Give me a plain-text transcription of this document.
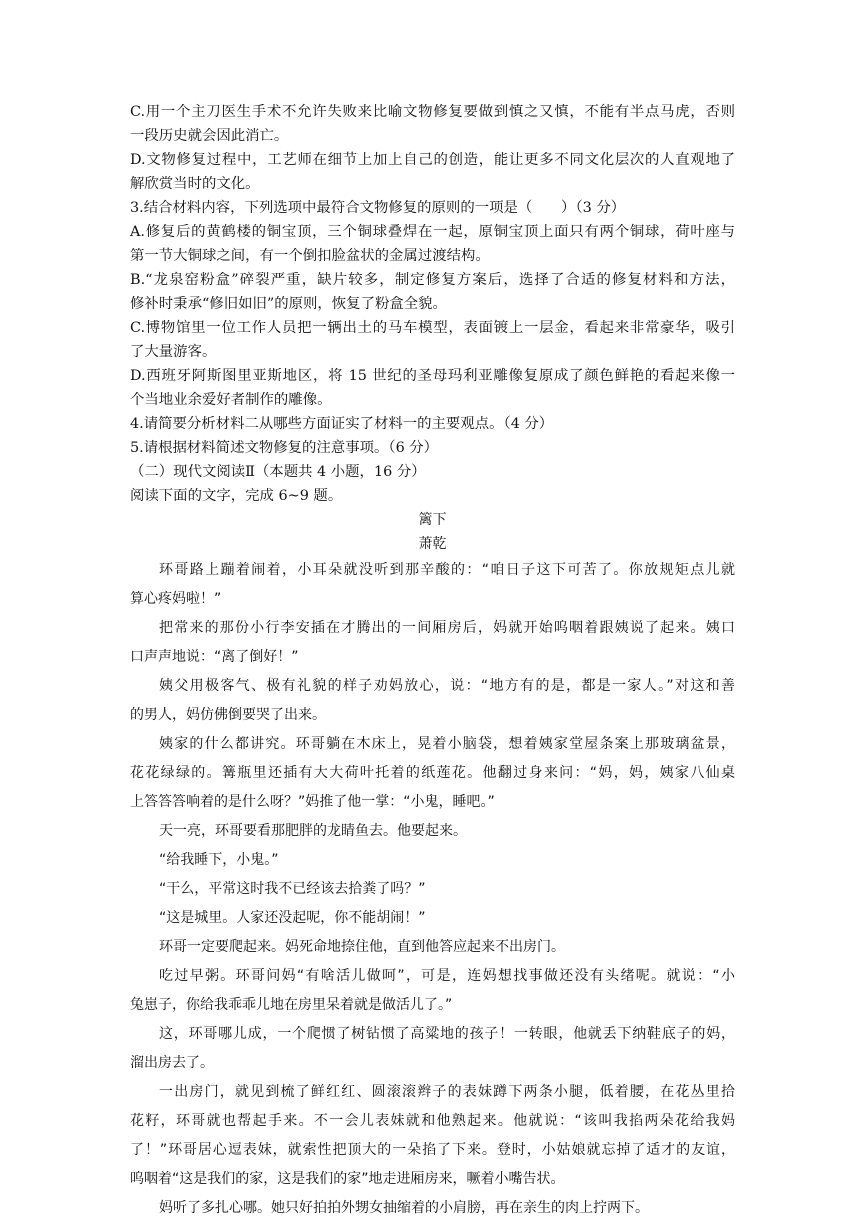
C.用一个主刀医生手术不允许失败来比喻文物修复要做到慎之又慎，不能有半点马虎，否则

一段历史就会因此消亡。

D.文物修复过程中，工艺师在细节上加上自己的创造，能让更多不同文化层次的人直观地了

解欣赏当时的文化。

3.结合材料内容，下列选项中最符合文物修复的原则的一项是（　　）（3 分）

A.修复后的黄鹤楼的铜宝顶，三个铜球叠焊在一起，原铜宝顶上面只有两个铜球，荷叶座与

第一节大铜球之间，有一个倒扣脸盆状的金属过渡结构。

B.“龙泉窑粉盒”碎裂严重，缺片较多，制定修复方案后，选择了合适的修复材料和方法，

修补时秉承“修旧如旧”的原则，恢复了粉盒全貌。

C.博物馆里一位工作人员把一辆出土的马车模型，表面镀上一层金，看起来非常豪华，吸引

了大量游客。

D.西班牙阿斯图里亚斯地区，将 15 世纪的圣母玛利亚雕像复原成了颜色鲜艳的看起来像一

个当地业余爱好者制作的雕像。

4.请简要分析材料二从哪些方面证实了材料一的主要观点。（4 分）

5.请根据材料简述文物修复的注意事项。（6 分）

（二）现代文阅读Ⅱ（本题共 4 小题，16 分）

阅读下面的文字，完成 6~9 题。

篱下

萧乾

环哥路上蹦着闹着，小耳朵就没听到那辛酸的：“咱日子这下可苦了。你放规矩点儿就

算心疼妈啦！”

把常来的那份小行李安插在才腾出的一间厢房后，妈就开始呜咽着跟姨说了起来。姨口

口声声地说：“离了倒好！”

姨父用极客气、极有礼貌的样子劝妈放心，说：“地方有的是，都是一家人。”对这和善

的男人，妈仿佛倒要哭了出来。

姨家的什么都讲究。环哥躺在木床上，晃着小脑袋，想着姨家堂屋条案上那玻璃盆景，

花花绿绿的。篝瓶里还插有大大荷叶托着的纸莲花。他翻过身来问：“妈，妈，姨家八仙桌

上答答答响着的是什么呀？”妈推了他一掌：“小鬼，睡吧。”

天一亮，环哥要看那肥胖的龙睛鱼去。他要起来。

“给我睡下，小鬼。”

“干么，平常这时我不已经该去拾粪了吗？”

“这是城里。人家还没起呢，你不能胡闹！”

环哥一定要爬起来。妈死命地捺住他，直到他答应起来不出房门。

吃过早粥。环哥问妈“有啥活儿做呵”，可是，连妈想找事做还没有头绪呢。就说：“小

兔崽子，你给我乖乖儿地在房里呆着就是做活儿了。”

这，环哥哪儿成，一个爬惯了树钻惯了高粱地的孩子！一转眼，他就丢下纳鞋底子的妈，

溜出房去了。

一出房门，就见到梳了鲜红红、圆滚滚辫子的表妹蹲下两条小腿，低着腰，在花丛里拾

花籽，环哥就也帮起手来。不一会儿表妹就和他熟起来。他就说：“该叫我掐两朵花给我妈

了！”环哥居心逗表妹，就索性把顶大的一朵掐了下来。登时，小姑娘就忘掉了适才的友谊，

呜咽着“这是我们的家，这是我们的家”地走进厢房来，噘着小嘴告状。

妈听了多扎心哪。她只好拍拍外甥女抽缩着的小肩膀，再在亲生的肉上拧两下。
